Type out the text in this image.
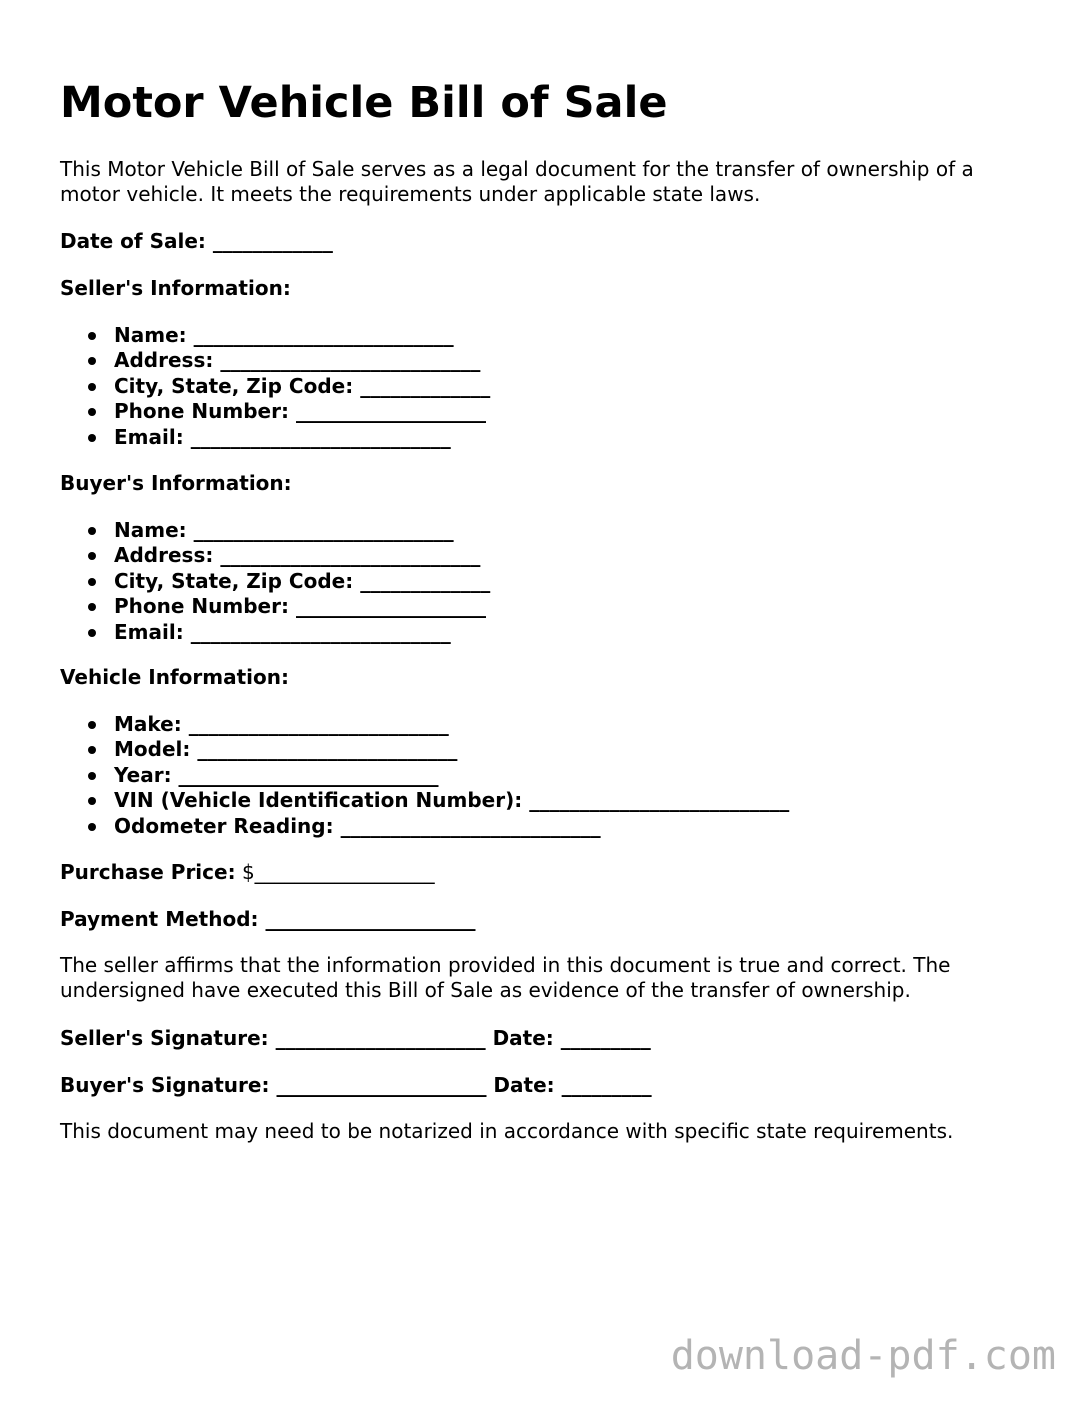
Motor Vehicle Bill of Sale

This Motor Vehicle Bill of Sale serves as a legal document for the transfer of ownership of a motor vehicle. It meets the requirements under applicable state laws.

Date of Sale: ____________

Seller's Information:

Name: __________________________
Address: __________________________
City, State, Zip Code: _____________
Phone Number: ___________________
Email: __________________________

Buyer's Information:

Name: __________________________
Address: __________________________
City, State, Zip Code: _____________
Phone Number: ___________________
Email: __________________________

Vehicle Information:

Make: __________________________
Model: __________________________
Year: __________________________
VIN (Vehicle Identification Number): __________________________
Odometer Reading: __________________________

Purchase Price: $__________________

Payment Method: _____________________

The seller affirms that the information provided in this document is true and correct. The undersigned have executed this Bill of Sale as evidence of the transfer of ownership.

Seller's Signature: _____________________ Date: _________

Buyer's Signature: _____________________ Date: _________

This document may need to be notarized in accordance with specific state requirements.

download-pdf.com
